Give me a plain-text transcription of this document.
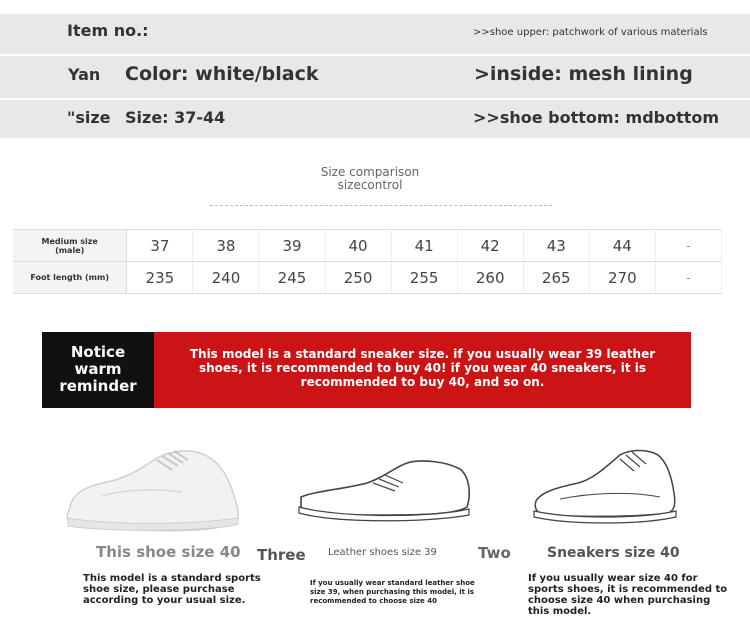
Item no.:	>>shoe upper: patchwork of various materials
Yan Color: white/black	>inside: mesh lining
"size Size: 37-44	>>shoe bottom: mdbottom
Size comparison
sizecontrol
Medium size
(male)	37	38	39	40	41	42	43	44	-

Foot length (mm)	235	240	245	250	255	260	265	270	-
Notice
warm
reminder
This model is a standard sneaker size. if you usually wear 39 leather shoes, it is recommended to buy 40! if you wear 40 sneakers, it is recommended to buy 40, and so on.
This shoe size 40 Three Leather shoes size 39	Two	Sneakers size 40
This model is a standard sports shoe size, please purchase according to your usual size.
If you usually wear standard leather shoe size 39, when purchasing this model, it is recommended to choose size 40
If you usually wear size 40 for sports shoes, it is recommended to choose size 40 when purchasing this model.
